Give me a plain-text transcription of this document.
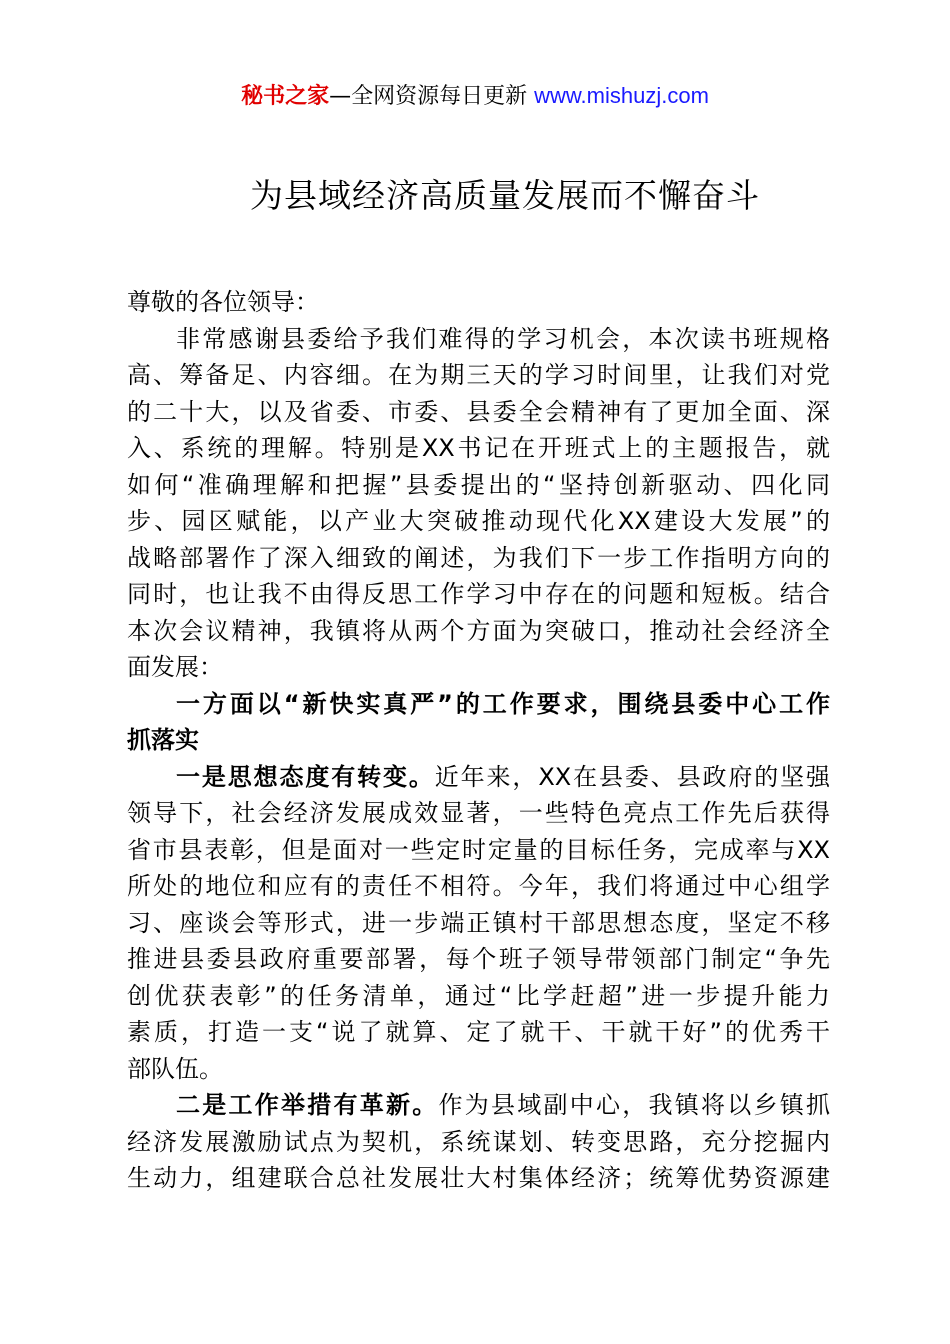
秘书之家—全网资源每日更新 www.mishuzj.com
为县域经济高质量发展而不懈奋斗
尊敬的各位领导：
非常感谢县委给予我们难得的学习机会，本次读书班规格
高、筹备足、内容细。在为期三天的学习时间里，让我们对党
的二十大，以及省委、市委、县委全会精神有了更加全面、深
入、系统的理解。特别是XX书记在开班式上的主题报告，就
如何“准确理解和把握”县委提出的“坚持创新驱动、四化同
步、园区赋能，以产业大突破推动现代化XX建设大发展”的
战略部署作了深入细致的阐述，为我们下一步工作指明方向的
同时，也让我不由得反思工作学习中存在的问题和短板。结合
本次会议精神，我镇将从两个方面为突破口，推动社会经济全
面发展：
一方面以“新快实真严”的工作要求，围绕县委中心工作
抓落实
一是思想态度有转变。近年来，XX在县委、县政府的坚强
领导下，社会经济发展成效显著，一些特色亮点工作先后获得
省市县表彰，但是面对一些定时定量的目标任务，完成率与XX
所处的地位和应有的责任不相符。今年，我们将通过中心组学
习、座谈会等形式，进一步端正镇村干部思想态度，坚定不移
推进县委县政府重要部署，每个班子领导带领部门制定“争先
创优获表彰”的任务清单，通过“比学赶超”进一步提升能力
素质，打造一支“说了就算、定了就干、干就干好”的优秀干
部队伍。
二是工作举措有革新。作为县域副中心，我镇将以乡镇抓
经济发展激励试点为契机，系统谋划、转变思路，充分挖掘内
生动力，组建联合总社发展壮大村集体经济；统筹优势资源建
